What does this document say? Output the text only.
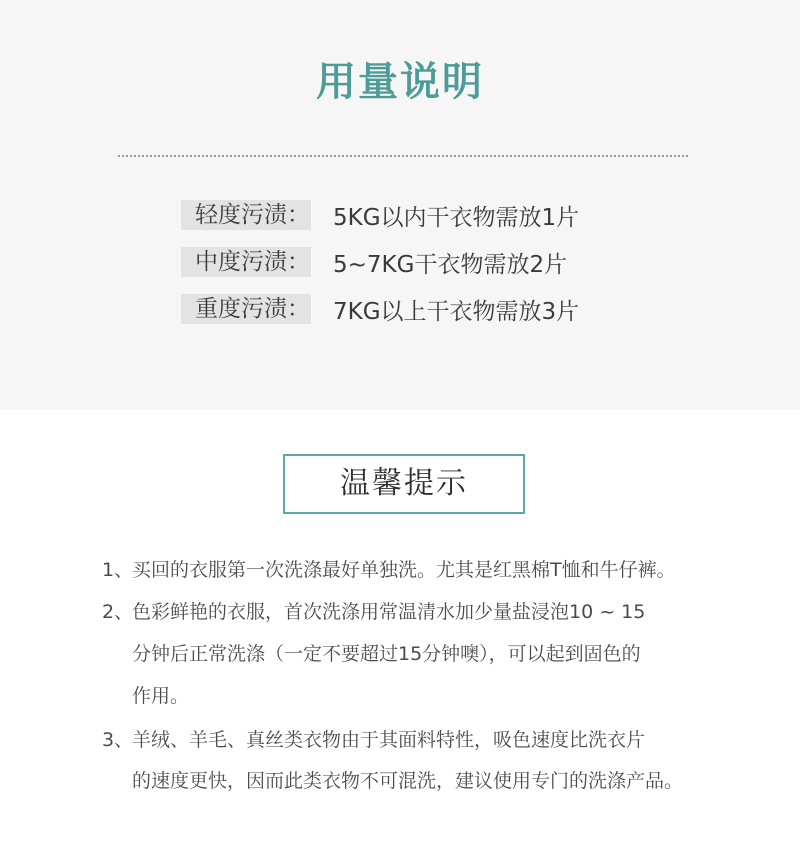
用量说明
轻度污渍： 5KG以内干衣物需放1片
中度污渍： 5~7KG干衣物需放2片
重度污渍： 7KG以上干衣物需放3片
温馨提示
1、买回的衣服第一次洗涤最好单独洗。尤其是红黑棉T恤和牛仔裤。
2、色彩鲜艳的衣服，首次洗涤用常温清水加少量盐浸泡10 ~ 15
分钟后正常洗涤（一定不要超过15分钟噢），可以起到固色的
作用。
3、羊绒、羊毛、真丝类衣物由于其面料特性，吸色速度比洗衣片
的速度更快，因而此类衣物不可混洗，建议使用专门的洗涤产品。
